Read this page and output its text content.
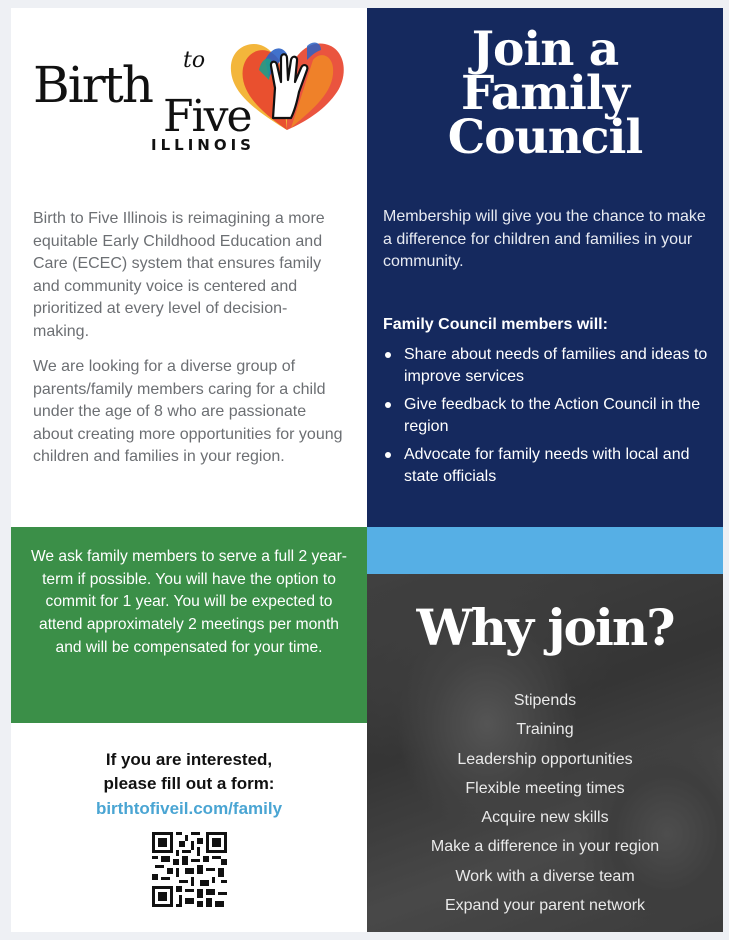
Birth to
Five
ILLINOIS

Birth to Five Illinois is reimagining a more equitable Early Childhood Education and Care (ECEC) system that ensures family and community voice is centered and prioritized at every level of decision-making.

We are looking for a diverse group of parents/family members caring for a child under the age of 8 who are passionate about creating more opportunities for young children and families in your region.

We ask family members to serve a full 2 year-term if possible. You will have the option to commit for 1 year. You will be expected to attend approximately 2 meetings per month and will be compensated for your time.
If you are interested,
please fill out a form:
birthtofiveil.com/family
Join a
Family
Council
Membership will give you the chance to make a difference for children and families in your community.
Family Council members will:
Share about needs of families and ideas to improve services
Give feedback to the Action Council in the region
Advocate for family needs with local and state officials
Why join?
Stipends
Training
Leadership opportunities
Flexible meeting times
Acquire new skills
Make a difference in your region
Work with a diverse team
Expand your parent network
